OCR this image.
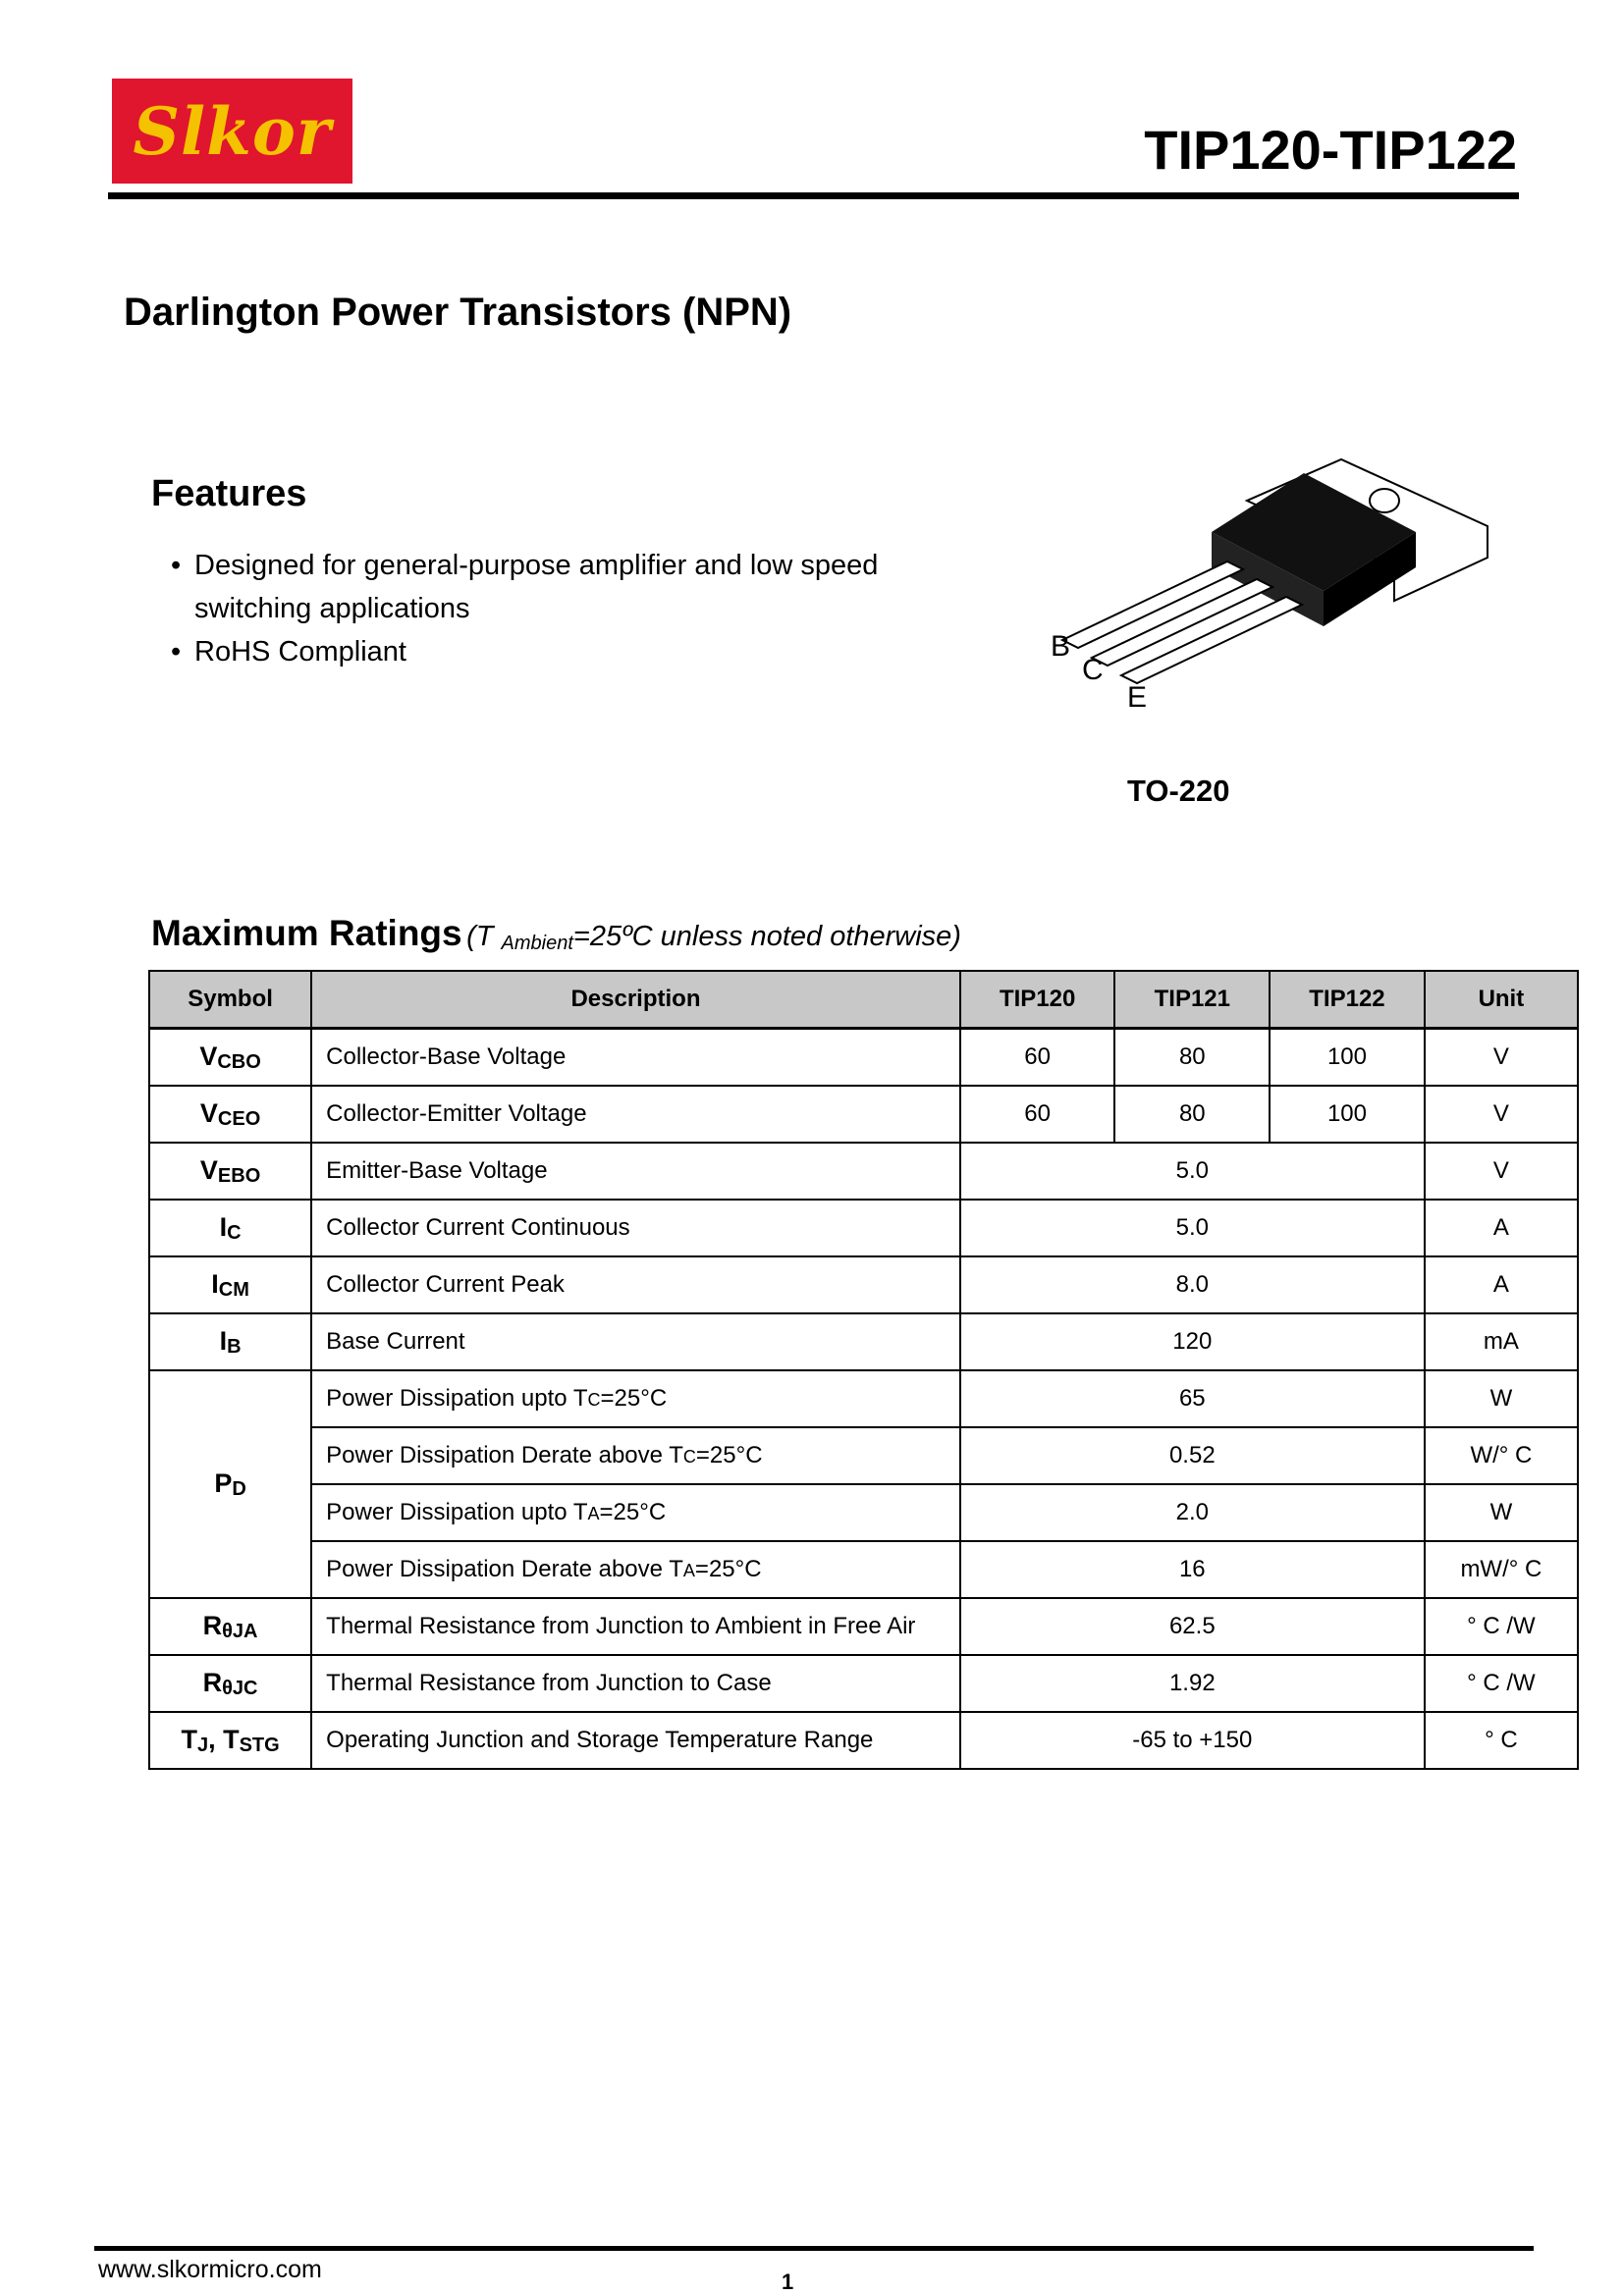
Slkor	TIP120-TIP122
Darlington Power Transistors (NPN)
Features
• Designed for general-purpose amplifier and low speed switching applications
• RoHS Compliant	B
C
E
TO-220
Maximum Ratings (T $_{Ambient}$=25ºC unless noted otherwise)
Symbol	Description	TIP120	TIP121	TIP122	Unit
$V_{CBO}$	Collector-Base Voltage	60	80	100	V
$V_{CEO}$	Collector-Emitter Voltage	60	80	100	V
$V_{EBO}$	Emitter-Base Voltage	5.0			V
$I_C$	Collector Current Continuous	5.0			A
$I_{CM}$	Collector Current Peak	8.0			A
$I_B$	Base Current	120			mA
$P_D$	Power Dissipation upto TC=25°C	65			W
	Power Dissipation Derate above TC=25°C	0.52			W/° C
	Power Dissipation upto TA=25°C	2.0			W
	Power Dissipation Derate above TA=25°C	16			mW/° C
$R_{\theta JA}$	Thermal Resistance from Junction to Ambient in Free Air	62.5			° C /W
$R_{\theta JC}$	Thermal Resistance from Junction to Case	1.92			° C /W
$T_J$, $T_{STG}$	Operating Junction and Storage Temperature Range	-65 to +150			° C
www.slkormicro.com	1
